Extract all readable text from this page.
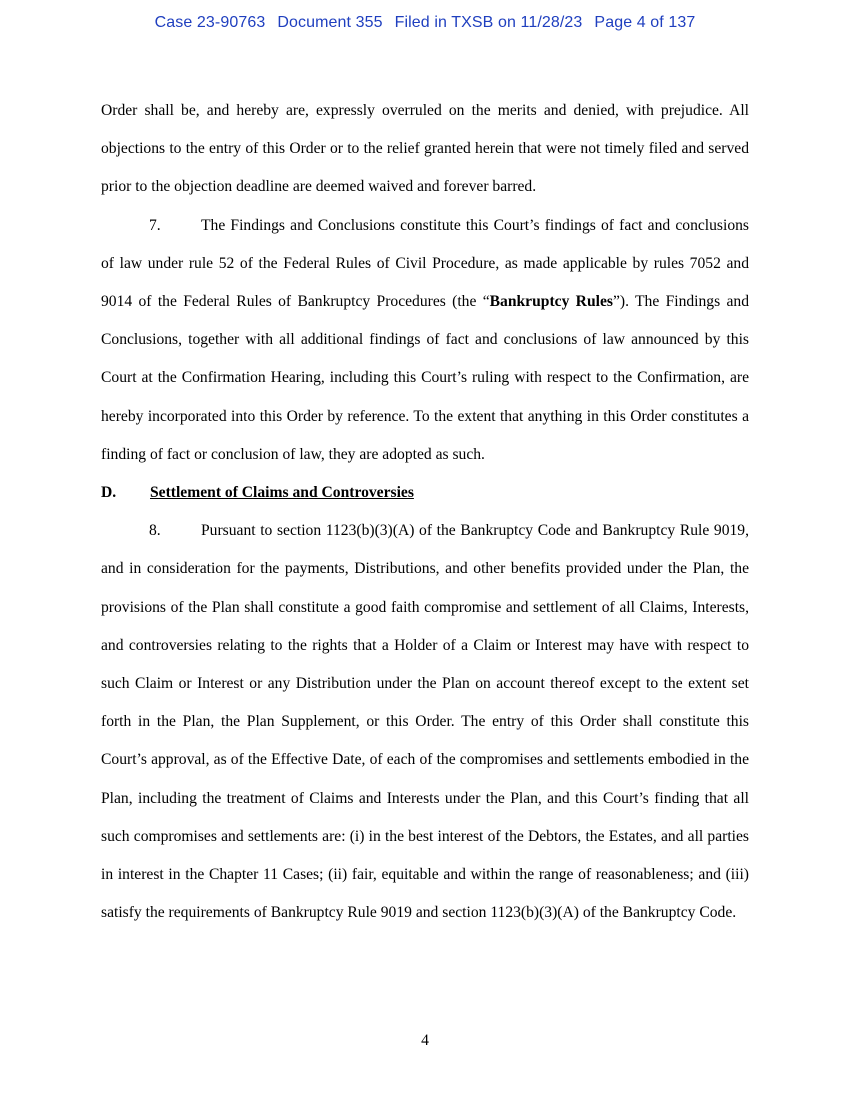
Case 23-90763 Document 355 Filed in TXSB on 11/28/23 Page 4 of 137

Order shall be, and hereby are, expressly overruled on the merits and denied, with prejudice. All objections to the entry of this Order or to the relief granted herein that were not timely filed and served prior to the objection deadline are deemed waived and forever barred.

7.	The Findings and Conclusions constitute this Court’s findings of fact and conclusions of law under rule 52 of the Federal Rules of Civil Procedure, as made applicable by rules 7052 and 9014 of the Federal Rules of Bankruptcy Procedures (the “Bankruptcy Rules”). The Findings and Conclusions, together with all additional findings of fact and conclusions of law announced by this Court at the Confirmation Hearing, including this Court’s ruling with respect to the Confirmation, are hereby incorporated into this Order by reference. To the extent that anything in this Order constitutes a finding of fact or conclusion of law, they are adopted as such.

D. Settlement of Claims and Controversies

8.	Pursuant to section 1123(b)(3)(A) of the Bankruptcy Code and Bankruptcy Rule 9019, and in consideration for the payments, Distributions, and other benefits provided under the Plan, the provisions of the Plan shall constitute a good faith compromise and settlement of all Claims, Interests, and controversies relating to the rights that a Holder of a Claim or Interest may have with respect to such Claim or Interest or any Distribution under the Plan on account thereof except to the extent set forth in the Plan, the Plan Supplement, or this Order. The entry of this Order shall constitute this Court’s approval, as of the Effective Date, of each of the compromises and settlements embodied in the Plan, including the treatment of Claims and Interests under the Plan, and this Court’s finding that all such compromises and settlements are: (i) in the best interest of the Debtors, the Estates, and all parties in interest in the Chapter 11 Cases; (ii) fair, equitable and within the range of reasonableness; and (iii) satisfy the requirements of Bankruptcy Rule 9019 and section 1123(b)(3)(A) of the Bankruptcy Code.

4
